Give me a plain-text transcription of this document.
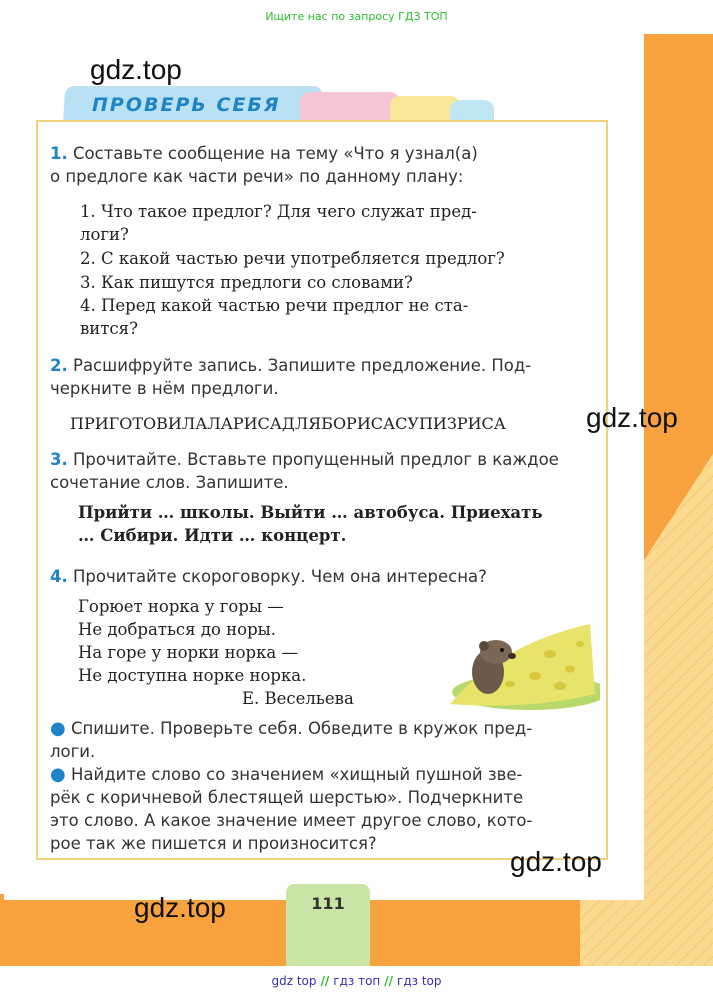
Ищите нас по запросу ГДЗ ТОП
ПРОВЕРЬ СЕБЯ
1. Составьте сообщение на тему «Что я узнал(а)
о предлоге как части речи» по данному плану:
1. Что такое предлог? Для чего служат пред-
логи?
2. С какой частью речи употребляется предлог?
3. Как пишутся предлоги со словами?
4. Перед какой частью речи предлог не ста-
вится?
2. Расшифруйте запись. Запишите предложение. Под-
черкните в нём предлоги.
ПРИГОТОВИЛАЛАРИСАДЛЯБОРИСАСУПИЗРИСА
3. Прочитайте. Вставьте пропущенный предлог в каждое
сочетание слов. Запишите.
Прийти … школы. Выйти … автобуса. Приехать
… Сибири. Идти … концерт.
4. Прочитайте скороговорку. Чем она интересна?
Горюет норка у горы —
Не добраться до норы.
На горе у норки норка —
Не доступна норке норка.
Е. Весельева
● Спишите. Проверьте себя. Обведите в кружок пред-
логи.
● Найдите слово со значением «хищный пушной зве-
рёк с коричневой блестящей шерстью». Подчеркните
это слово. А какое значение имеет другое слово, кото-
рое так же пишется и произносится?
111
gdz.top
gdz.top
gdz.top
gdz.top
gdz top // гдз топ // гдз top
